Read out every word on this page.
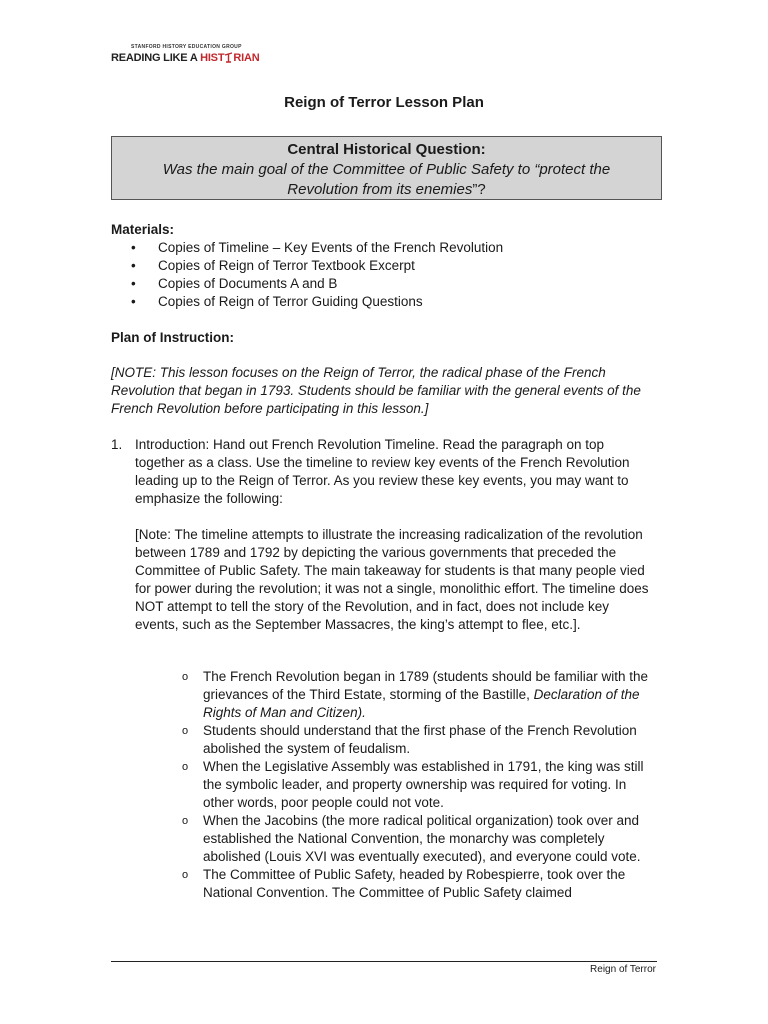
STANFORD HISTORY EDUCATION GROUP
READING LIKE A HIST RIAN
Reign of Terror Lesson Plan
Central Historical Question:
Was the main goal of the Committee of Public Safety to “protect the
Revolution from its enemies”?
Materials:
• Copies of Timeline – Key Events of the French Revolution
• Copies of Reign of Terror Textbook Excerpt
• Copies of Documents A and B
• Copies of Reign of Terror Guiding Questions
Plan of Instruction:
[NOTE: This lesson focuses on the Reign of Terror, the radical phase of the French Revolution that began in 1793. Students should be familiar with the general events of the French Revolution before participating in this lesson.]
1. Introduction: Hand out French Revolution Timeline. Read the paragraph on top together as a class. Use the timeline to review key events of the French Revolution leading up to the Reign of Terror. As you review these key events, you may want to emphasize the following:
[Note: The timeline attempts to illustrate the increasing radicalization of the revolution between 1789 and 1792 by depicting the various governments that preceded the Committee of Public Safety. The main takeaway for students is that many people vied for power during the revolution; it was not a single, monolithic effort. The timeline does NOT attempt to tell the story of the Revolution, and in fact, does not include key events, such as the September Massacres, the king’s attempt to flee, etc.].
o The French Revolution began in 1789 (students should be familiar with the grievances of the Third Estate, storming of the Bastille, Declaration of the Rights of Man and Citizen).
o Students should understand that the first phase of the French Revolution abolished the system of feudalism.
o When the Legislative Assembly was established in 1791, the king was still the symbolic leader, and property ownership was required for voting. In other words, poor people could not vote.
o When the Jacobins (the more radical political organization) took over and established the National Convention, the monarchy was completely abolished (Louis XVI was eventually executed), and everyone could vote.
o The Committee of Public Safety, headed by Robespierre, took over the National Convention. The Committee of Public Safety claimed
Reign of Terror
